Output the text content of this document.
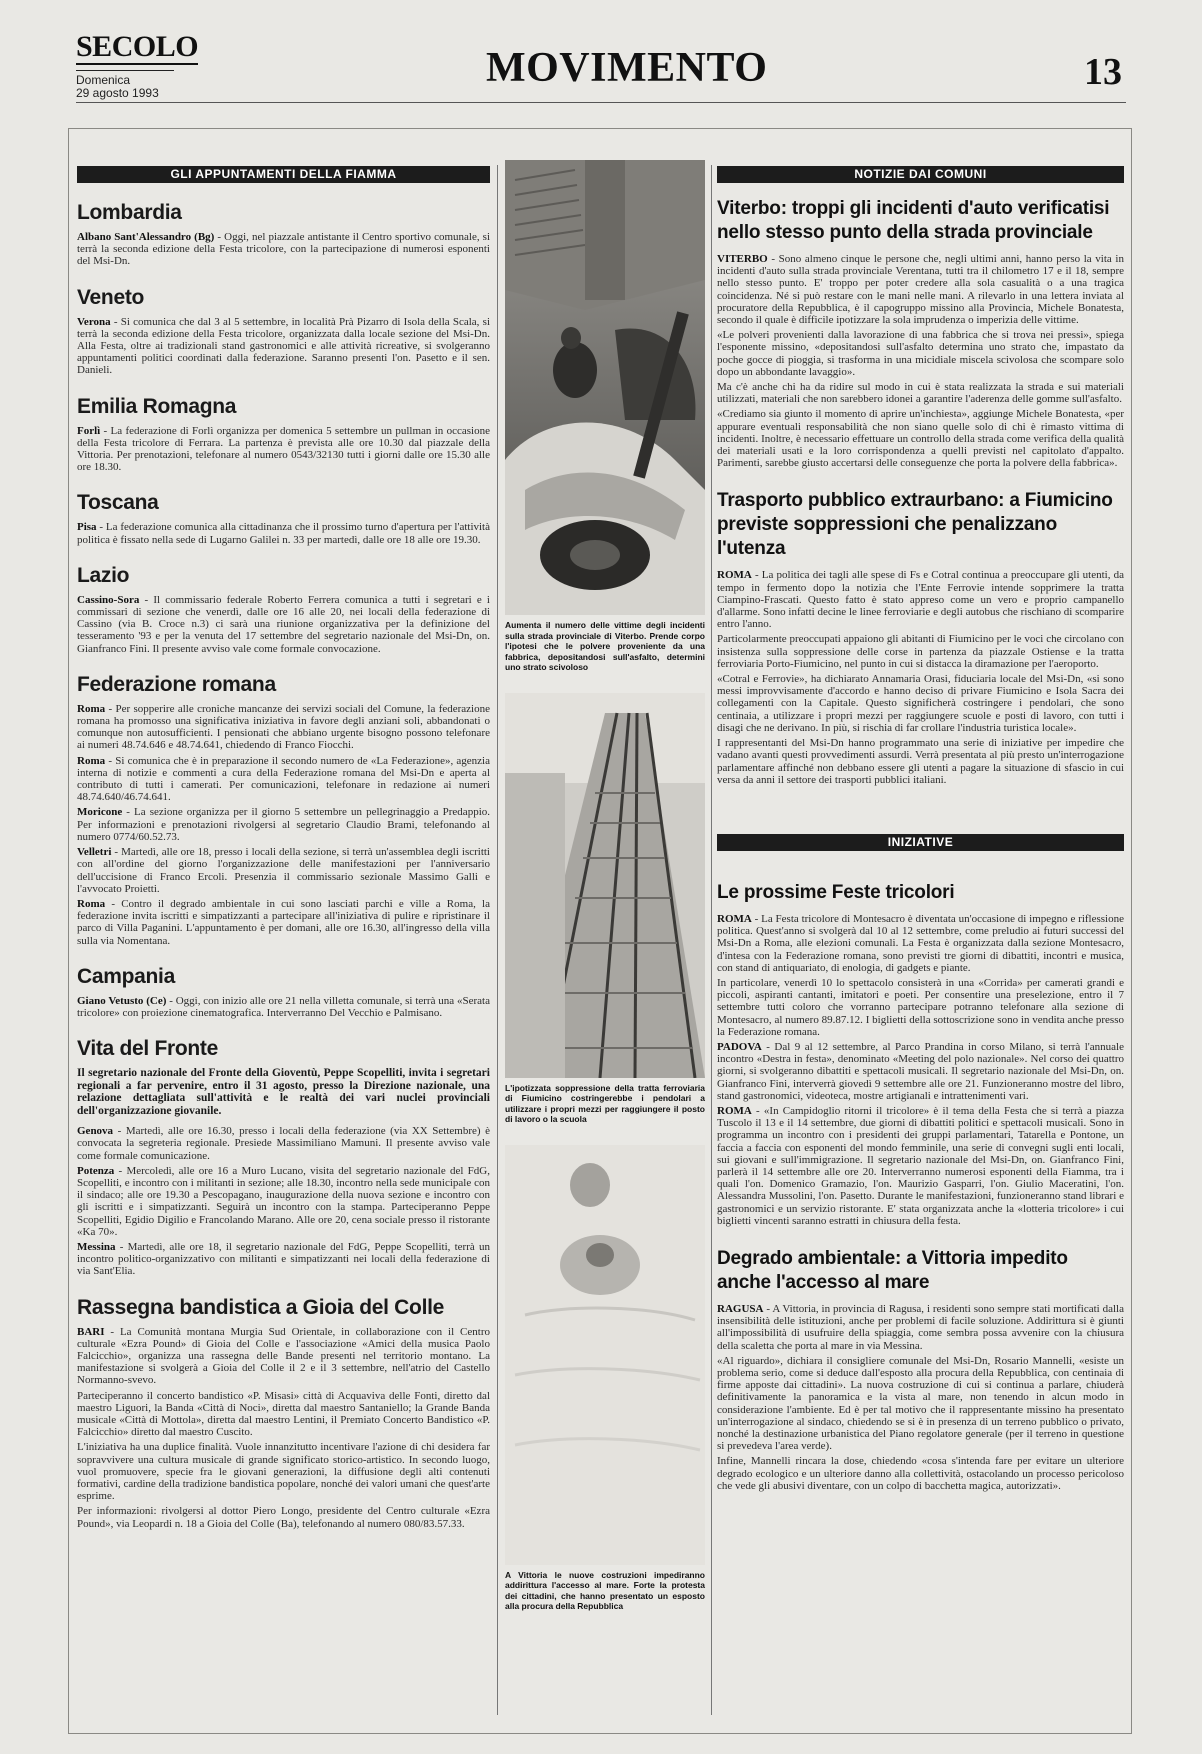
SECOLO
Domenica
29 agosto 1993
MOVIMENTO	13
GLI APPUNTAMENTI DELLA FIAMMA
Lombardia

Albano Sant'Alessandro (Bg) - Oggi, nel piazzale antistante il Centro sportivo comunale, si terrà la seconda edizione della Festa tricolore, con la partecipazione di numerosi esponenti del Msi-Dn.

Veneto

Verona - Si comunica che dal 3 al 5 settembre, in località Prà Pizarro di Isola della Scala, si terrà la seconda edizione della Festa tricolore, organizzata dalla locale sezione del Msi-Dn. Alla Festa, oltre ai tradizionali stand gastronomici e alle attività ricreative, si svolgeranno appuntamenti politici coordinati dalla federazione. Saranno presenti l'on. Pasetto e il sen. Danieli.

Emilia Romagna

Forlì - La federazione di Forlì organizza per domenica 5 settembre un pullman in occasione della Festa tricolore di Ferrara. La partenza è prevista alle ore 10.30 dal piazzale della Vittoria. Per prenotazioni, telefonare al numero 0543/32130 tutti i giorni dalle ore 15.30 alle ore 18.30.

Toscana

Pisa - La federazione comunica alla cittadinanza che il prossimo turno d'apertura per l'attività politica è fissato nella sede di Lugarno Galilei n. 33 per martedì, dalle ore 18 alle ore 19.30.

Lazio

Cassino-Sora - Il commissario federale Roberto Ferrera comunica a tutti i segretari e i commissari di sezione che venerdì, dalle ore 16 alle 20, nei locali della federazione di Cassino (via B. Croce n.3) ci sarà una riunione organizzativa per la definizione del tesseramento '93 e per la venuta del 17 settembre del segretario nazionale del Msi-Dn, on. Gianfranco Fini. Il presente avviso vale come formale convocazione.

Federazione romana

Roma - Per sopperire alle croniche mancanze dei servizi sociali del Comune, la federazione romana ha promosso una significativa iniziativa in favore degli anziani soli, abbandonati o comunque non autosufficienti. I pensionati che abbiano urgente bisogno possono telefonare ai numeri 48.74.646 e 48.74.641, chiedendo di Franco Fiocchi.

Roma - Si comunica che è in preparazione il secondo numero de «La Federazione», agenzia interna di notizie e commenti a cura della Federazione romana del Msi-Dn e aperta al contributo di tutti i camerati. Per comunicazioni, telefonare in redazione ai numeri 48.74.640/46.74.641.

Moricone - La sezione organizza per il giorno 5 settembre un pellegrinaggio a Predappio. Per informazioni e prenotazioni rivolgersi al segretario Claudio Brami, telefonando al numero 0774/60.52.73.

Velletri - Martedì, alle ore 18, presso i locali della sezione, si terrà un'assemblea degli iscritti con all'ordine del giorno l'organizzazione delle manifestazioni per l'anniversario dell'uccisione di Franco Ercoli. Presenzia il commissario sezionale Massimo Galli e l'avvocato Proietti.

Roma - Contro il degrado ambientale in cui sono lasciati parchi e ville a Roma, la federazione invita iscritti e simpatizzanti a partecipare all'iniziativa di pulire e ripristinare il parco di Villa Paganini. L'appuntamento è per domani, alle ore 16.30, all'ingresso della villa sulla via Nomentana.

Campania

Giano Vetusto (Ce) - Oggi, con inizio alle ore 21 nella villetta comunale, si terrà una «Serata tricolore» con proiezione cinematografica. Interverranno Del Vecchio e Palmisano.

Vita del Fronte

Il segretario nazionale del Fronte della Gioventù, Peppe Scopelliti, invita i segretari regionali a far pervenire, entro il 31 agosto, presso la Direzione nazionale, una relazione dettagliata sull'attività e le realtà dei vari nuclei provinciali dell'organizzazione giovanile.

Genova - Martedì, alle ore 16.30, presso i locali della federazione (via XX Settembre) è convocata la segreteria regionale. Presiede Massimiliano Mamuni. Il presente avviso vale come formale comunicazione.

Potenza - Mercoledì, alle ore 16 a Muro Lucano, visita del segretario nazionale del FdG, Scopelliti, e incontro con i militanti in sezione; alle 18.30, incontro nella sede municipale con il sindaco; alle ore 19.30 a Pescopagano, inaugurazione della nuova sezione e incontro con gli iscritti e i simpatizzanti. Seguirà un incontro con la stampa. Parteciperanno Peppe Scopelliti, Egidio Digilio e Francolando Marano. Alle ore 20, cena sociale presso il ristorante «Ka 70».

Messina - Martedì, alle ore 18, il segretario nazionale del FdG, Peppe Scopelliti, terrà un incontro politico-organizzativo con militanti e simpatizzanti nei locali della federazione di via Sant'Elia.

Rassegna bandistica a Gioia del Colle

BARI - La Comunità montana Murgia Sud Orientale, in collaborazione con il Centro culturale «Ezra Pound» di Gioia del Colle e l'associazione «Amici della musica Paolo Falcicchio», organizza una rassegna delle Bande presenti nel territorio montano. La manifestazione si svolgerà a Gioia del Colle il 2 e il 3 settembre, nell'atrio del Castello Normanno-svevo.

Parteciperanno il concerto bandistico «P. Misasi» città di Acquaviva delle Fonti, diretto dal maestro Liguori, la Banda «Città di Noci», diretta dal maestro Santaniello; la Grande Banda musicale «Città di Mottola», diretta dal maestro Lentini, il Premiato Concerto Bandistico «P. Falcicchio» diretto dal maestro Cuscito.

L'iniziativa ha una duplice finalità. Vuole innanzitutto incentivare l'azione di chi desidera far sopravvivere una cultura musicale di grande significato storico-artistico. In secondo luogo, vuol promuovere, specie fra le giovani generazioni, la diffusione degli alti contenuti formativi, cardine della tradizione bandistica popolare, nonché dei valori umani che quest'arte esprime.

Per informazioni: rivolgersi al dottor Piero Longo, presidente del Centro culturale «Ezra Pound», via Leopardi n. 18 a Gioia del Colle (Ba), telefonando al numero 080/83.57.33.

Aumenta il numero delle vittime degli incidenti sulla strada provinciale di Viterbo. Prende corpo l'ipotesi che le polvere proveniente da una fabbrica, depositandosi sull'asfalto, determini uno strato scivoloso
L'ipotizzata soppressione della tratta ferroviaria di Fiumicino costringerebbe i pendolari a utilizzare i propri mezzi per raggiungere il posto di lavoro o la scuola
A Vittoria le nuove costruzioni impediranno addirittura l'accesso al mare. Forte la protesta dei cittadini, che hanno presentato un esposto alla procura della Repubblica
NOTIZIE DAI COMUNI
Viterbo: troppi gli incidenti d'auto verificatisi nello stesso punto della strada provinciale

VITERBO - Sono almeno cinque le persone che, negli ultimi anni, hanno perso la vita in incidenti d'auto sulla strada provinciale Verentana, tutti tra il chilometro 17 e il 18, sempre nello stesso punto. E' troppo per poter credere alla sola casualità o a una tragica coincidenza. Né si può restare con le mani nelle mani. A rilevarlo in una lettera inviata al procuratore della Repubblica, è il capogruppo missino alla Provincia, Michele Bonatesta, secondo il quale è difficile ipotizzare la sola imprudenza o imperizia delle vittime.

«Le polveri provenienti dalla lavorazione di una fabbrica che si trova nei pressi», spiega l'esponente missino, «depositandosi sull'asfalto determina uno strato che, impastato da poche gocce di pioggia, si trasforma in una micidiale miscela scivolosa che scompare solo dopo un abbondante lavaggio».

Ma c'è anche chi ha da ridire sul modo in cui è stata realizzata la strada e sui materiali utilizzati, materiali che non sarebbero idonei a garantire l'aderenza delle gomme sull'asfalto.

«Crediamo sia giunto il momento di aprire un'inchiesta», aggiunge Michele Bonatesta, «per appurare eventuali responsabilità che non siano quelle solo di chi è rimasto vittima di incidenti. Inoltre, è necessario effettuare un controllo della strada come verifica della qualità dei materiali usati e la loro corrispondenza a quelli previsti nel capitolato d'appalto. Parimenti, sarebbe giusto accertarsi delle conseguenze che porta la polvere della fabbrica».

Trasporto pubblico extraurbano: a Fiumicino previste soppressioni che penalizzano l'utenza

ROMA - La politica dei tagli alle spese di Fs e Cotral continua a preoccupare gli utenti, da tempo in fermento dopo la notizia che l'Ente Ferrovie intende sopprimere la tratta Ciampino-Frascati. Questo fatto è stato appreso come un vero e proprio campanello d'allarme. Sono infatti decine le linee ferroviarie e degli autobus che rischiano di scomparire entro l'anno.

Particolarmente preoccupati appaiono gli abitanti di Fiumicino per le voci che circolano con insistenza sulla soppressione delle corse in partenza da piazzale Ostiense e la tratta ferroviaria Porto-Fiumicino, nel punto in cui si distacca la diramazione per l'aeroporto.

«Cotral e Ferrovie», ha dichiarato Annamaria Orasi, fiduciaria locale del Msi-Dn, «si sono messi improvvisamente d'accordo e hanno deciso di privare Fiumicino e Isola Sacra dei collegamenti con la Capitale. Questo significherà costringere i pendolari, che sono centinaia, a utilizzare i propri mezzi per raggiungere scuole e posti di lavoro, con tutti i disagi che ne derivano. In più, si rischia di far crollare l'industria turistica locale».

I rappresentanti del Msi-Dn hanno programmato una serie di iniziative per impedire che vadano avanti questi provvedimenti assurdi. Verrà presentata al più presto un'interrogazione parlamentare affinché non debbano essere gli utenti a pagare la situazione di sfascio in cui versa da anni il settore dei trasporti pubblici italiani.

INIZIATIVE
Le prossime Feste tricolori

ROMA - La Festa tricolore di Montesacro è diventata un'occasione di impegno e riflessione politica. Quest'anno si svolgerà dal 10 al 12 settembre, come preludio ai futuri successi del Msi-Dn a Roma, alle elezioni comunali. La Festa è organizzata dalla sezione Montesacro, d'intesa con la Federazione romana, sono previsti tre giorni di dibattiti, incontri e musica, con stand di antiquariato, di enologia, di gadgets e piante.

In particolare, venerdì 10 lo spettacolo consisterà in una «Corrida» per camerati grandi e piccoli, aspiranti cantanti, imitatori e poeti. Per consentire una preselezione, entro il 7 settembre tutti coloro che vorranno partecipare potranno telefonare alla sezione di Montesacro, al numero 89.87.12. I biglietti della sottoscrizione sono in vendita anche presso la Federazione romana.

PADOVA - Dal 9 al 12 settembre, al Parco Prandina in corso Milano, si terrà l'annuale incontro «Destra in festa», denominato «Meeting del polo nazionale». Nel corso dei quattro giorni, si svolgeranno dibattiti e spettacoli musicali. Il segretario nazionale del Msi-Dn, on. Gianfranco Fini, interverrà giovedì 9 settembre alle ore 21. Funzioneranno mostre del libro, stand gastronomici, videoteca, mostre artigianali e intrattenimenti vari.

ROMA - «In Campidoglio ritorni il tricolore» è il tema della Festa che si terrà a piazza Tuscolo il 13 e il 14 settembre, due giorni di dibattiti politici e spettacoli musicali. Sono in programma un incontro con i presidenti dei gruppi parlamentari, Tatarella e Pontone, un faccia a faccia con esponenti del mondo femminile, una serie di convegni sugli enti locali, sui giovani e sull'immigrazione. Il segretario nazionale del Msi-Dn, on. Gianfranco Fini, parlerà il 14 settembre alle ore 20. Interverranno numerosi esponenti della Fiamma, tra i quali l'on. Domenico Gramazio, l'on. Maurizio Gasparri, l'on. Giulio Maceratini, l'on. Alessandra Mussolini, l'on. Pasetto. Durante le manifestazioni, funzioneranno stand librari e gastronomici e un servizio ristorante. E' stata organizzata anche la «lotteria tricolore» i cui biglietti vincenti saranno estratti in chiusura della festa.

Degrado ambientale: a Vittoria impedito anche l'accesso al mare

RAGUSA - A Vittoria, in provincia di Ragusa, i residenti sono sempre stati mortificati dalla insensibilità delle istituzioni, anche per problemi di facile soluzione. Addirittura si è giunti all'impossibilità di usufruire della spiaggia, come sembra possa avvenire con la chiusura della scaletta che porta al mare in via Messina.

«Al riguardo», dichiara il consigliere comunale del Msi-Dn, Rosario Mannelli, «esiste un problema serio, come si deduce dall'esposto alla procura della Repubblica, con centinaia di firme apposte dai cittadini». La nuova costruzione di cui si continua a parlare, chiuderà definitivamente la panoramica e la vista al mare, non tenendo in alcun modo in considerazione l'ambiente. Ed è per tal motivo che il rappresentante missino ha presentato un'interrogazione al sindaco, chiedendo se si è in presenza di un terreno pubblico o privato, nonché la destinazione urbanistica del Piano regolatore generale (per il terreno in questione si prevedeva l'area verde).

Infine, Mannelli rincara la dose, chiedendo «cosa s'intenda fare per evitare un ulteriore degrado ecologico e un ulteriore danno alla collettività, ostacolando un processo pericoloso che vede gli abusivi diventare, con un colpo di bacchetta magica, autorizzati».
